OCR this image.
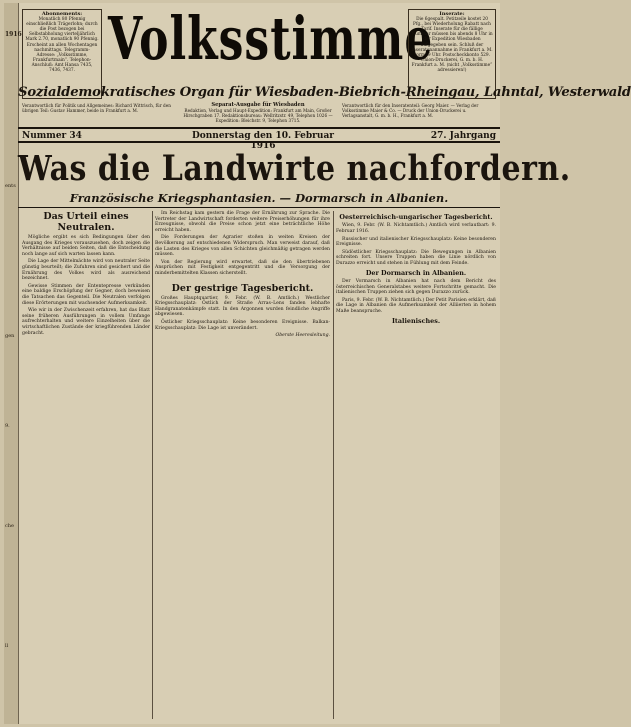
1916
ents
gen
9.
che
ll
Abonnements:
Monatlich 80 Pfennig einschließlich Trägerlohn; durch die Post bezogen bei Selbstabholung vierteljährlich Mark 2.70, monatlich 90 Pfennig. Erscheint an allen Wochentagen nachmittags. Telegramm-Adresse: „Volksstimme, Frankfurtmain“. Telephon-Anschluß: Amt Hansa 7435, 7436, 7437. Volksstimme	Inserate:
Die 6gespalt. Petitzeile kostet 20 Pfg., bei Wiederholung Rabatt nach Tarif. Inserate für die fällige Nummer müssen bis abends 8 Uhr in der Expedition Wiesbaden aufgegeben sein. Schluß der Inseratenannahme in Frankfurt a. M. vorm. 9 Uhr. Postscheckkonto 529. Union-Druckerei, G. m. b. H. Frankfurt a. M. (nicht „Volksstimme“ adressieren!)
Sozialdemokratisches Organ für Wiesbaden-Biebrich-Rheingau, Lahntal, Westerwald
Verantwortlich für Politik und Allgemeines: Richard Wittrisch, für den übrigen Teil: Gustav Hammer, beide in Frankfurt a. M.
Separat-Ausgabe für Wiesbaden
Redaktion, Verlag und Haupt-Expedition: Frankfurt am Main, Großer Hirschgraben 17. Redaktionsbureau: Wellritzstr. 49, Telephon 1026 — Expedition: Bleichstr. 9, Telephon 3715.
Verantwortlich für den Inseratenteil: Georg Maier. — Verlag der Volksstimme Maier & Co. — Druck der Union-Druckerei u. Verlagsanstalt, G. m. b. H., Frankfurt a. M.
Nummer 34	Donnerstag den 10. Februar 1916
27. Jahrgang
Was die Landwirte nachfordern.
Französische Kriegsphantasien. — Dormarsch in Albanien.
Das Urteil eines Neutralen.

Mögliche ergibt es sich Bedingungen über den Ausgang des Krieges vorauszusehen, doch zeigen die Verhältnisse auf beiden Seiten, daß die Entscheidung noch lange auf sich warten lassen kann.

Die Lage der Mittelmächte wird von neutraler Seite günstig beurteilt; die Zufuhren sind gesichert und die Ernährung des Volkes wird als ausreichend bezeichnet.

Gewisse Stimmen der Ententepresse verkünden eine baldige Erschöpfung der Gegner, doch beweisen die Tatsachen das Gegenteil. Die Neutralen verfolgen diese Erörterungen mit wachsender Aufmerksamkeit.

Wie wir in der Zwischenzeit erfahren, hat das Blatt seine früheren Ausführungen in vollem Umfange aufrechterhalten und weitere Einzelheiten über die wirtschaftlichen Zustände der kriegführenden Länder gebracht.

Im Reichstag kam gestern die Frage der Ernährung zur Sprache. Die Vertreter der Landwirtschaft forderten weitere Preiserhöhungen für ihre Erzeugnisse, obwohl die Preise schon jetzt eine beträchtliche Höhe erreicht haben.

Die Forderungen der Agrarier stoßen in weiten Kreisen der Bevölkerung auf entschiedenen Widerspruch. Man verweist darauf, daß die Lasten des Krieges von allen Schichten gleichmäßig getragen werden müssen.

Von der Regierung wird erwartet, daß sie den übertriebenen Ansprüchen mit Festigkeit entgegentritt und die Versorgung der minderbemittelten Klassen sicherstellt.

Der gestrige Tagesbericht.

Großes Hauptquartier, 9. Febr. (W. B. Amtlich.) Westlicher Kriegsschauplatz: Östlich der Straße Arras–Lens fanden lebhafte Handgranatenkämpfe statt. In den Argonnen wurden feindliche Angriffe abgewiesen.

Östlicher Kriegsschauplatz: Keine besonderen Ereignisse. Balkan-Kriegsschauplatz: Die Lage ist unverändert.

Oberste Heeresleitung.

Oesterreichisch-ungarischer Tagesbericht.

Wien, 9. Febr. (W. B. Nichtamtlich.) Amtlich wird verlautbart: 9. Februar 1916.

Russischer und italienischer Kriegsschauplatz: Keine besonderen Ereignisse.

Südöstlicher Kriegsschauplatz: Die Bewegungen in Albanien schreiten fort. Unsere Truppen haben die Linie nördlich von Durazzo erreicht und stehen in Fühlung mit dem Feinde.

Der Dormarsch in Albanien.

Der Vormarsch in Albanien hat nach dem Bericht des österreichischen Generalstabes weitere Fortschritte gemacht. Die italienischen Truppen ziehen sich gegen Durazzo zurück.

Paris, 9. Febr. (W. B. Nichtamtlich.) Der Petit Parisien erklärt, daß die Lage in Albanien die Aufmerksamkeit der Alliierten in hohem Maße beanspruche.

Italienisches.
